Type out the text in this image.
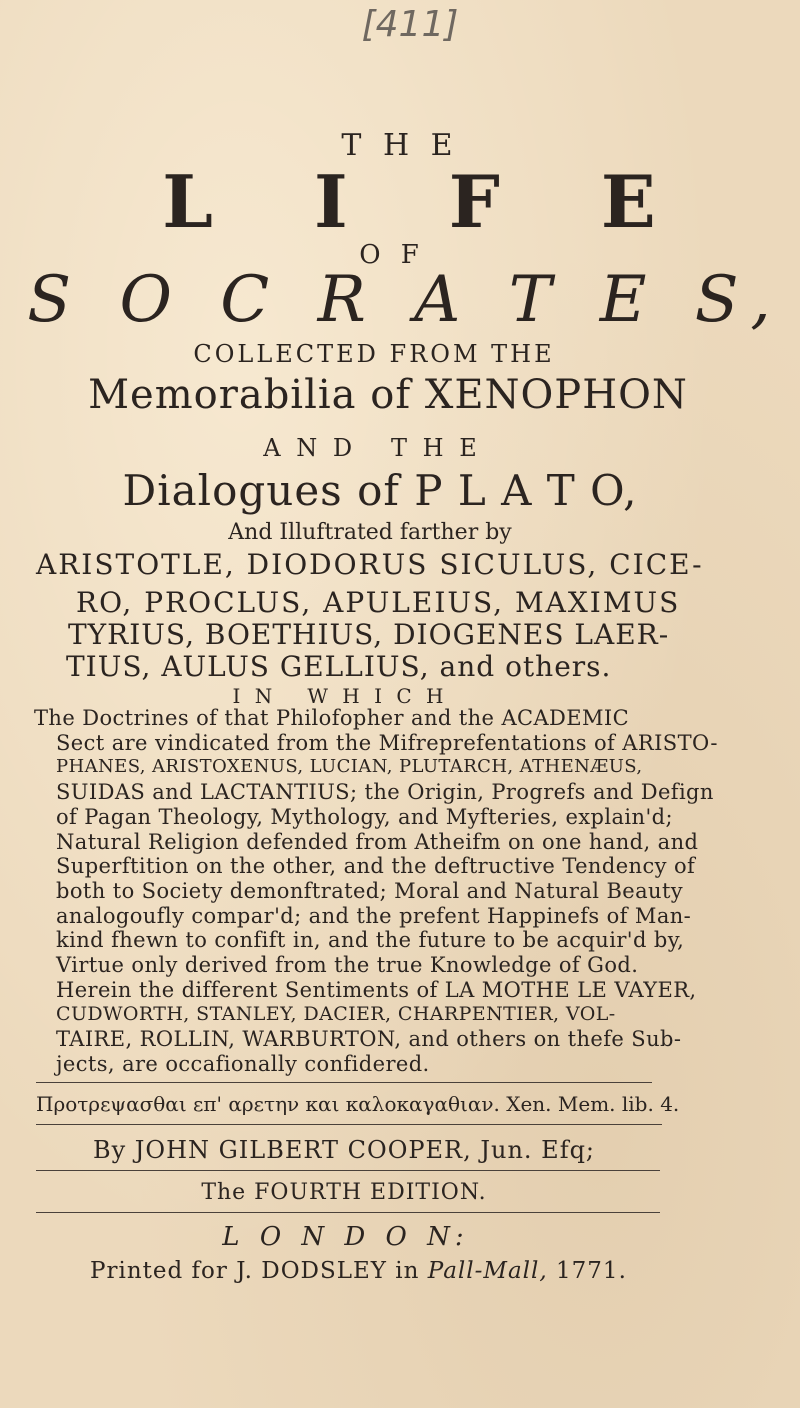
[411]
T H E
L I F E
O F
S O C R A T E S,
COLLECTED FROM THE
Memorabilia of XENOPHON
A N D   T H E
Dialogues of P L A T O,
And Illuftrated farther by
ARISTOTLE, DIODORUS SICULUS, CICE-
RO, PROCLUS, APULEIUS, MAXIMUS
TYRIUS, BOETHIUS, DIOGENES LAER-
TIUS, AULUS GELLIUS, and others.
I N   W H I C H
The Doctrines of that Philofopher and the ACADEMIC
Sect are vindicated from the Mifreprefentations of ARISTO-
PHANES, ARISTOXENUS, LUCIAN, PLUTARCH, ATHENÆUS,
SUIDAS and LACTANTIUS; the Origin, Progrefs and Defign
of Pagan Theology, Mythology, and Myfteries, explain'd;
Natural Religion defended from Atheifm on one hand, and
Superftition on the other, and the deftructive Tendency of
both to Society demonftrated; Moral and Natural Beauty
analogoufly compar'd; and the prefent Happinefs of Man-
kind fhewn to confift in, and the future to be acquir'd by,
Virtue only derived from the true Knowledge of God.
Herein the different Sentiments of LA MOTHE LE VAYER,
CUDWORTH, STANLEY, DACIER, CHARPENTIER, VOL-
TAIRE, ROLLIN, WARBURTON, and others on thefe Sub-
jects, are occafionally confidered.
Προτρεψασθαι επ' αρετην και καλοκαγαθιαν. Xen. Mem. lib. 4.
By JOHN GILBERT COOPER, Jun. Efq;
The FOURTH EDITION.
L O N D O N:
Printed for J. DODSLEY in Pall-Mall, 1771.
